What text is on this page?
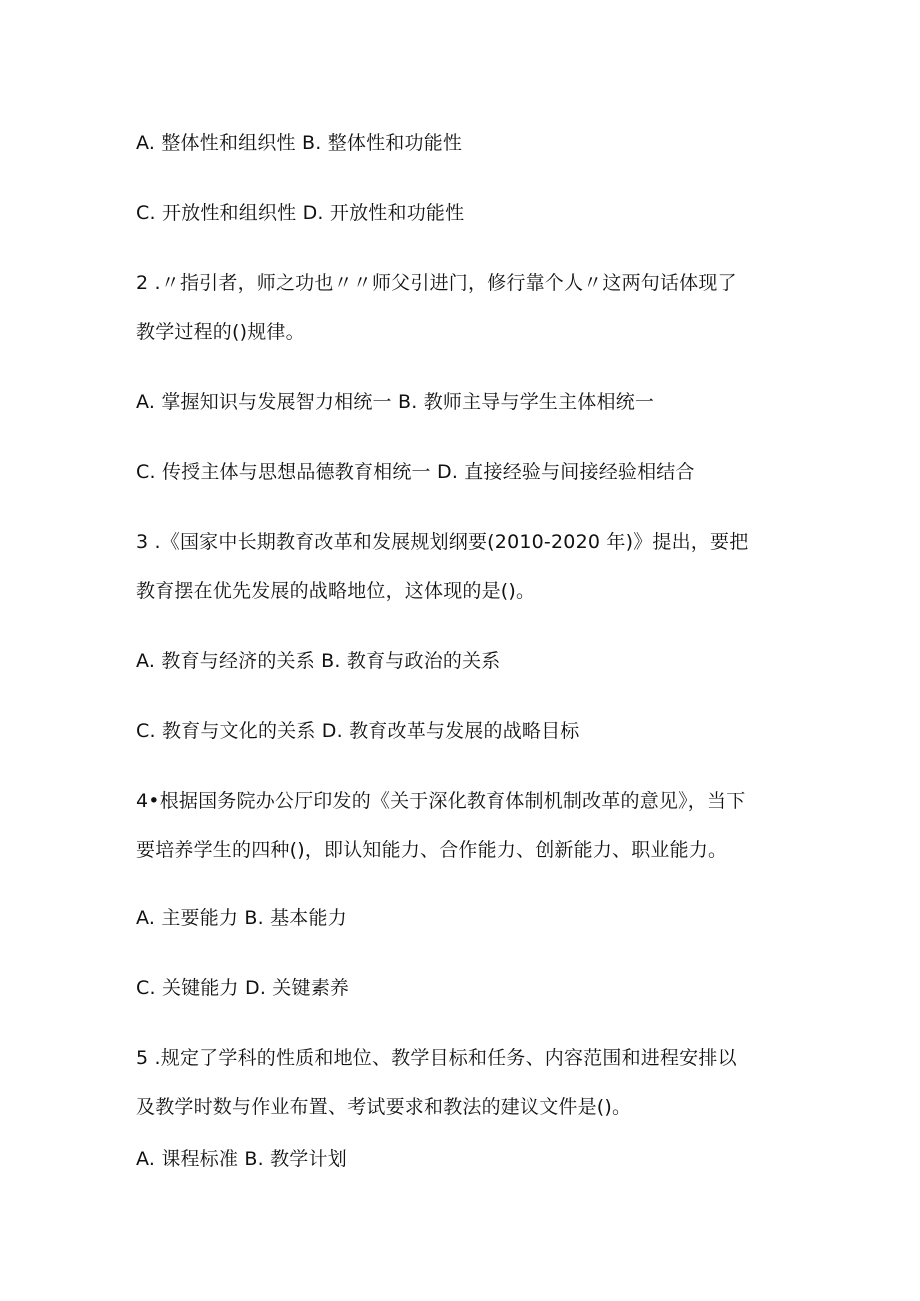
A. 整体性和组织性 B. 整体性和功能性
C. 开放性和组织性 D. 开放性和功能性
2 .〃指引者，师之功也〃〃师父引进门，修行靠个人〃这两句话体现了
教学过程的()规律。
A. 掌握知识与发展智力相统一 B. 教师主导与学生主体相统一
C. 传授主体与思想品德教育相统一 D. 直接经验与间接经验相结合
3 .《国家中长期教育改革和发展规划纲要(2010-2020 年)》提出，要把
教育摆在优先发展的战略地位，这体现的是()。
A. 教育与经济的关系 B. 教育与政治的关系
C. 教育与文化的关系 D. 教育改革与发展的战略目标
4•根据国务院办公厅印发的《关于深化教育体制机制改革的意见》，当下
要培养学生的四种()，即认知能力、合作能力、创新能力、职业能力。
A. 主要能力 B. 基本能力
C. 关键能力 D. 关键素养
5 .规定了学科的性质和地位、教学目标和任务、内容范围和进程安排以
及教学时数与作业布置、考试要求和教法的建议文件是()。
A. 课程标准 B. 教学计划
